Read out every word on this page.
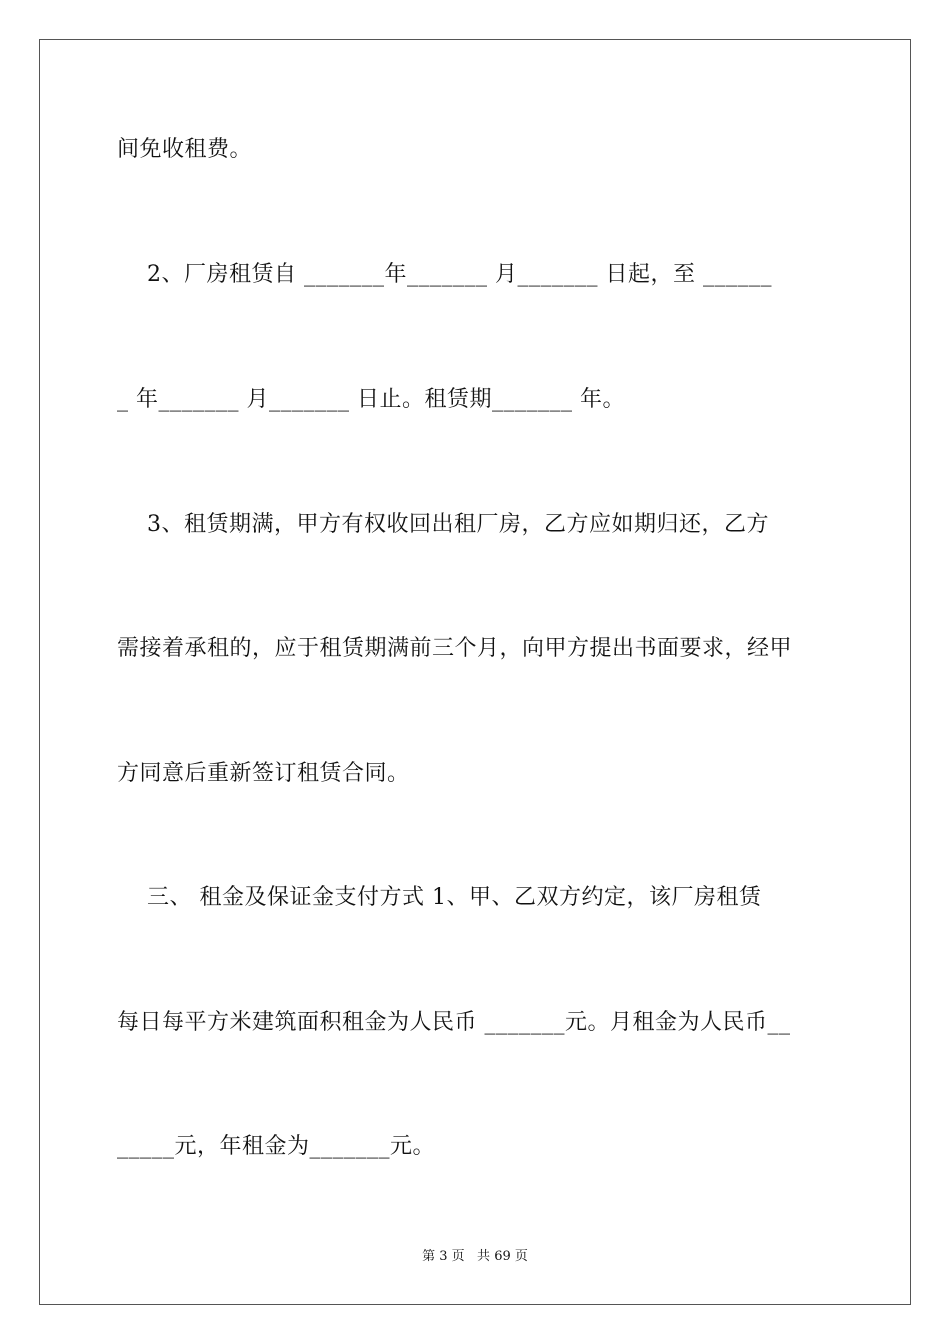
间免收租费。
2、厂房租赁自 _______年_______ 月_______ 日起，至 ______
_ 年_______ 月_______ 日止。租赁期_______ 年。
3、租赁期满，甲方有权收回出租厂房，乙方应如期归还，乙方
需接着承租的，应于租赁期满前三个月，向甲方提出书面要求，经甲
方同意后重新签订租赁合同。
三、 租金及保证金支付方式 1、甲、乙双方约定，该厂房租赁
每日每平方米建筑面积租金为人民币 _______元。月租金为人民币__
_____元，年租金为_______元。
第 3 页   共 69 页
